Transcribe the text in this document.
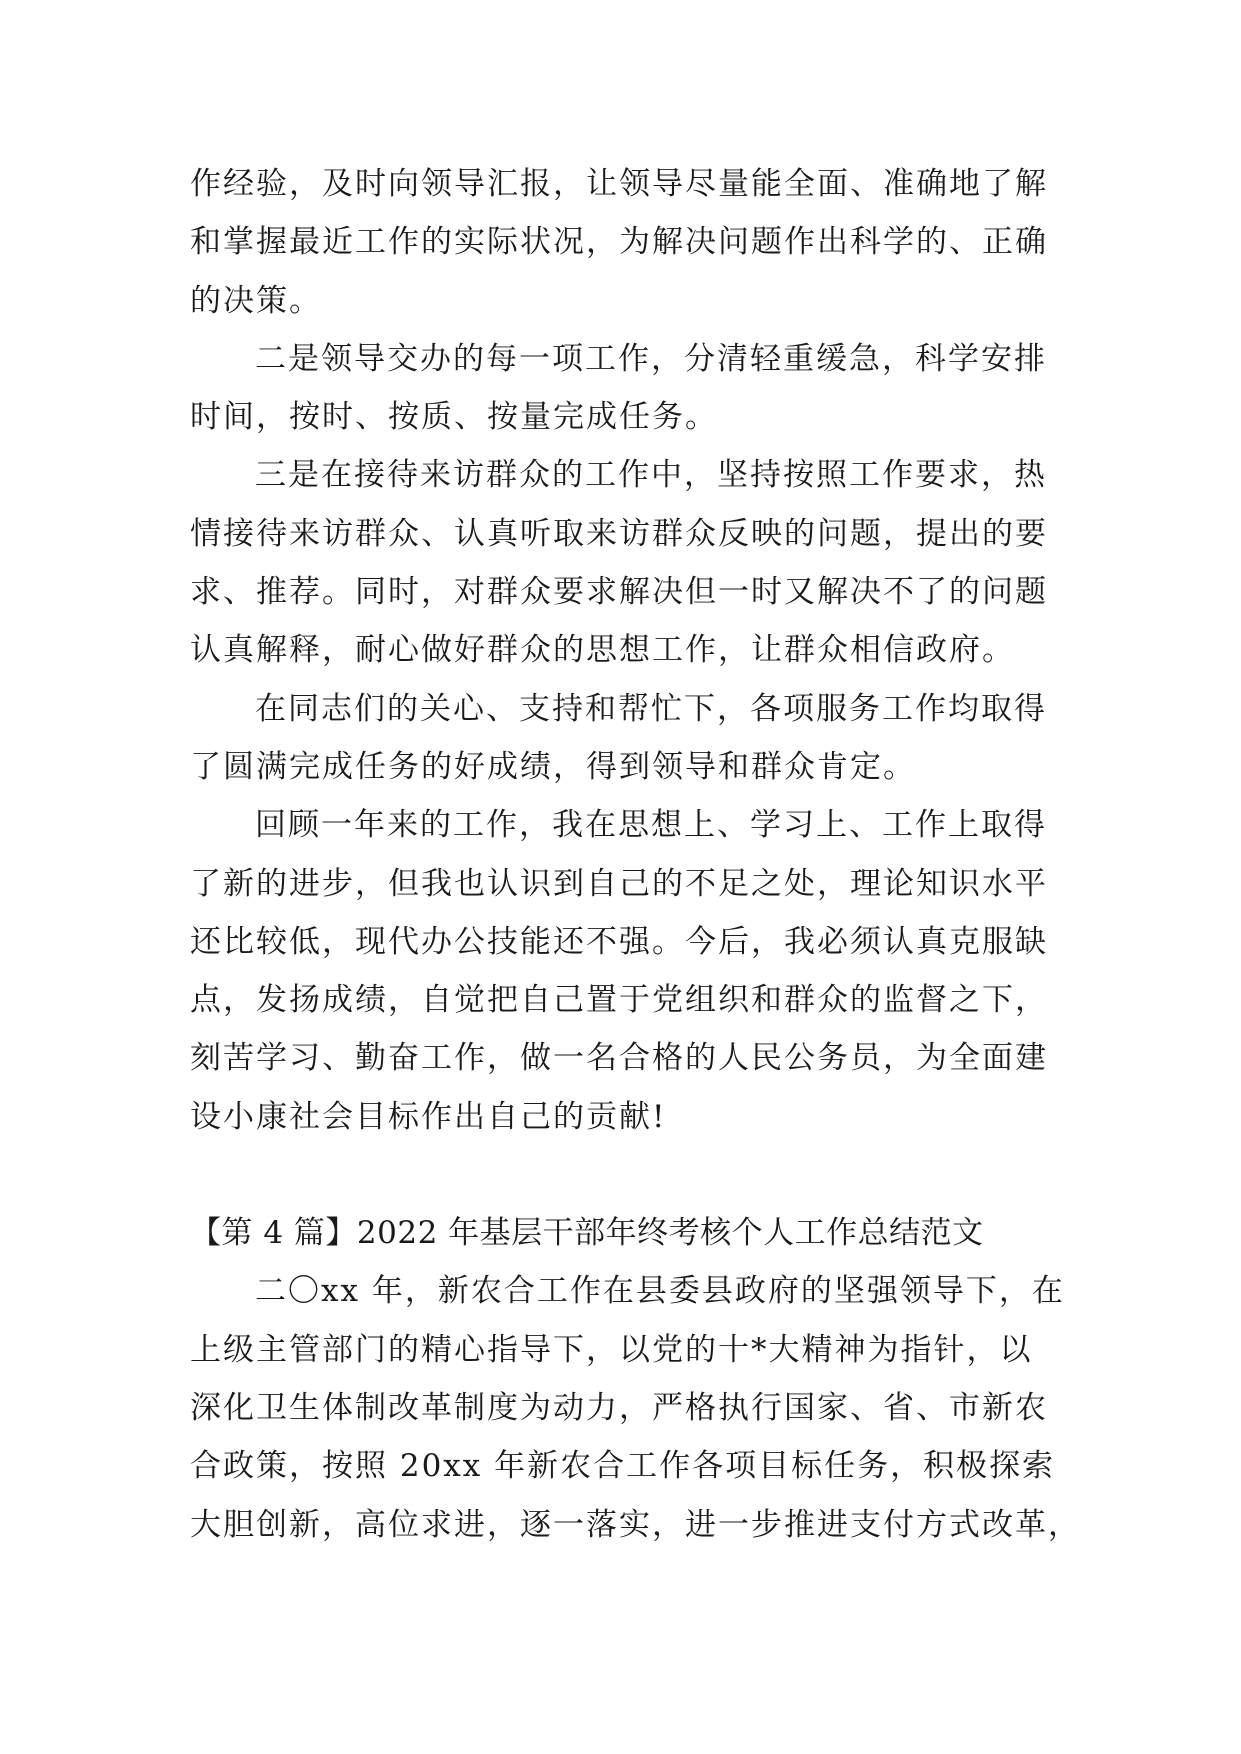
作经验，及时向领导汇报，让领导尽量能全面、准确地了解
和掌握最近工作的实际状况，为解决问题作出科学的、正确
的决策。
二是领导交办的每一项工作，分清轻重缓急，科学安排
时间，按时、按质、按量完成任务。
三是在接待来访群众的工作中，坚持按照工作要求，热
情接待来访群众、认真听取来访群众反映的问题，提出的要
求、推荐。同时，对群众要求解决但一时又解决不了的问题
认真解释，耐心做好群众的思想工作，让群众相信政府。
在同志们的关心、支持和帮忙下，各项服务工作均取得
了圆满完成任务的好成绩，得到领导和群众肯定。
回顾一年来的工作，我在思想上、学习上、工作上取得
了新的进步，但我也认识到自己的不足之处，理论知识水平
还比较低，现代办公技能还不强。今后，我必须认真克服缺
点，发扬成绩，自觉把自己置于党组织和群众的监督之下，
刻苦学习、勤奋工作，做一名合格的人民公务员，为全面建
设小康社会目标作出自己的贡献!
【第 4 篇】2022 年基层干部年终考核个人工作总结范文
二〇xx 年，新农合工作在县委县政府的坚强领导下，在
上级主管部门的精心指导下，以党的十*大精神为指针，以
深化卫生体制改革制度为动力，严格执行国家、省、市新农
合政策，按照 20xx 年新农合工作各项目标任务，积极探索
大胆创新，高位求进，逐一落实，进一步推进支付方式改革，
